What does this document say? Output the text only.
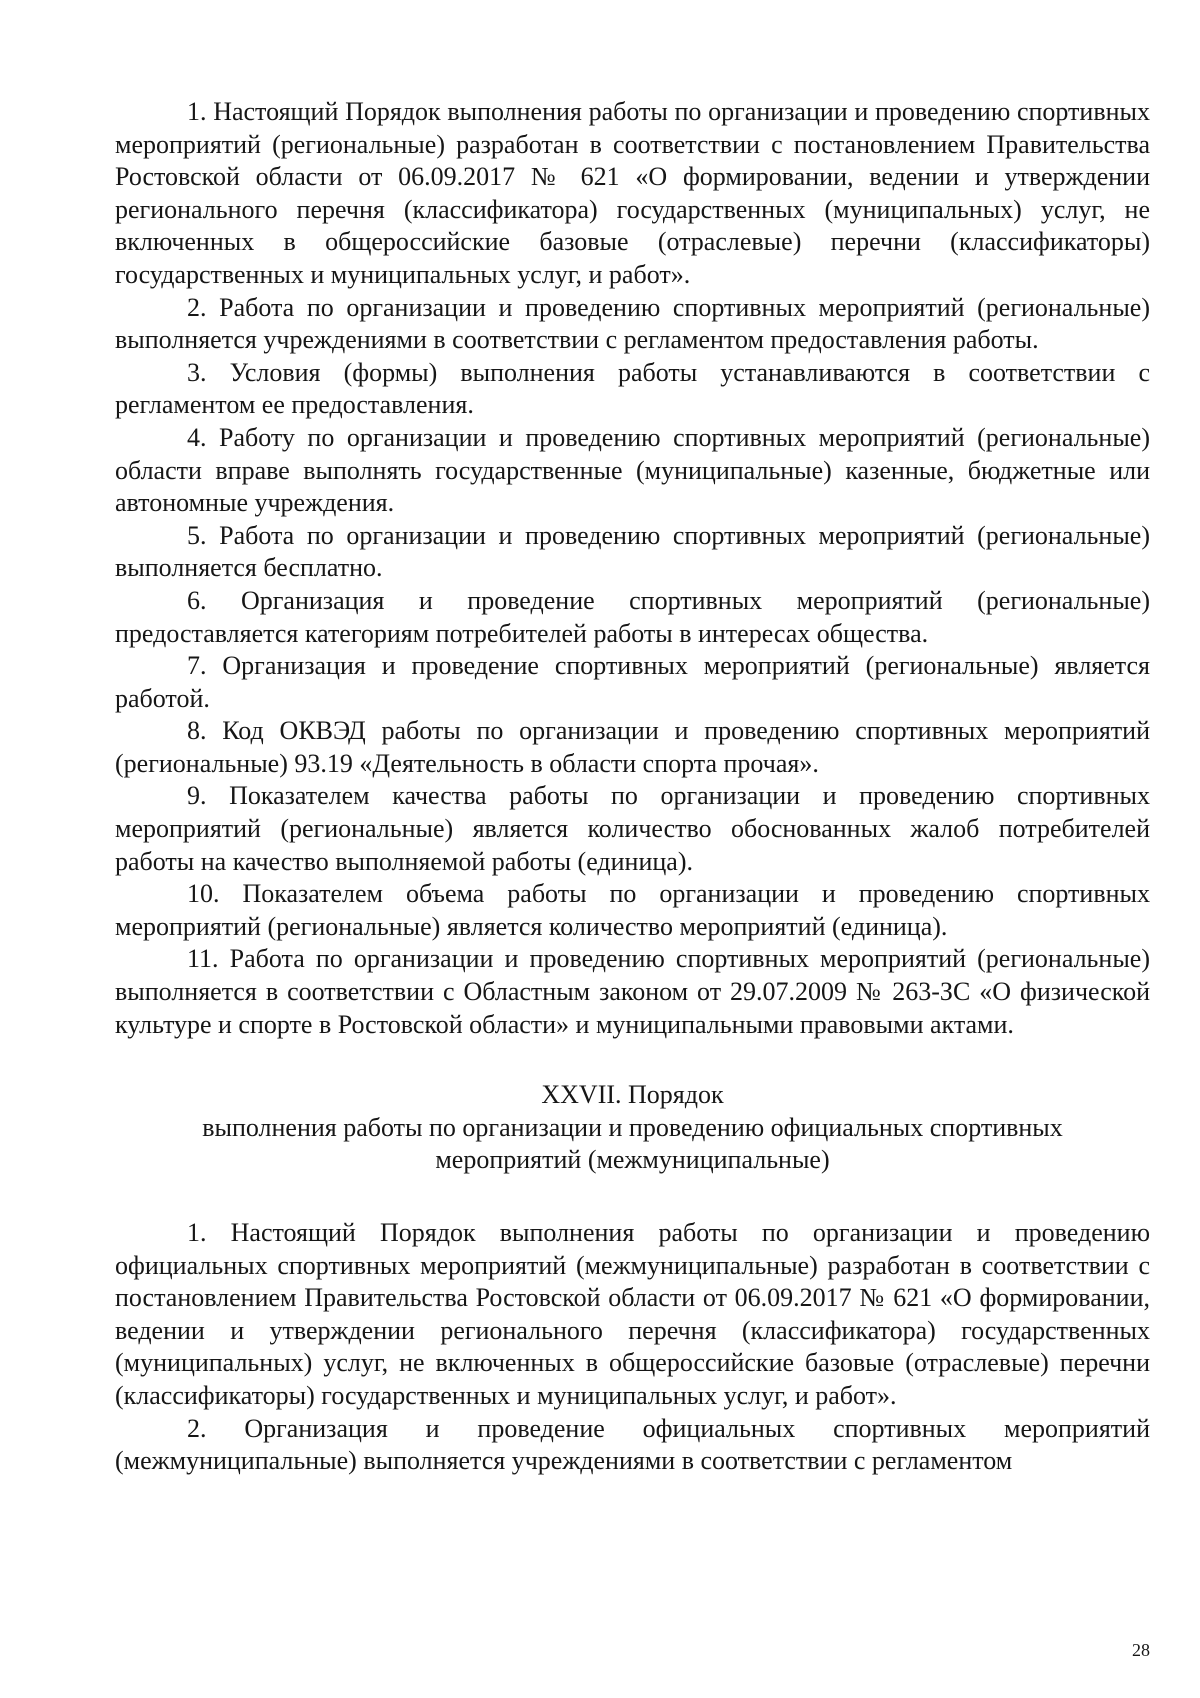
1. Настоящий Порядок выполнения работы по организации и проведению спортивных мероприятий (региональные) разработан в соответствии с постановлением Правительства Ростовской области от 06.09.2017 № 621 «О формировании, ведении и утверждении регионального перечня (классификатора) государственных (муниципальных) услуг, не включенных в общероссийские базовые (отраслевые) перечни (классификаторы) государственных и муниципальных услуг, и работ».

2. Работа по организации и проведению спортивных мероприятий (региональные) выполняется учреждениями в соответствии с регламентом предоставления работы.

3. Условия (формы) выполнения работы устанавливаются в соответствии с регламентом ее предоставления.

4. Работу по организации и проведению спортивных мероприятий (региональные) области вправе выполнять государственные (муниципальные) казенные, бюджетные или автономные учреждения.

5. Работа по организации и проведению спортивных мероприятий (региональные) выполняется бесплатно.

6. Организация и проведение спортивных мероприятий (региональные) предоставляется категориям потребителей работы в интересах общества.

7. Организация и проведение спортивных мероприятий (региональные) является работой.

8. Код ОКВЭД работы по организации и проведению спортивных мероприятий (региональные) 93.19 «Деятельность в области спорта прочая».

9. Показателем качества работы по организации и проведению спортивных мероприятий (региональные) является количество обоснованных жалоб потребителей работы на качество выполняемой работы (единица).

10. Показателем объема работы по организации и проведению спортивных мероприятий (региональные) является количество мероприятий (единица).

11. Работа по организации и проведению спортивных мероприятий (региональные) выполняется в соответствии с Областным законом от 29.07.2009 № 263-ЗС «О физической культуре и спорте в Ростовской области» и муниципальными правовыми актами.

XXVII. Порядок
выполнения работы по организации и проведению официальных спортивных
мероприятий (межмуниципальные)

1. Настоящий Порядок выполнения работы по организации и проведению официальных спортивных мероприятий (межмуниципальные) разработан в соответствии с постановлением Правительства Ростовской области от 06.09.2017 № 621 «О формировании, ведении и утверждении регионального перечня (классификатора) государственных (муниципальных) услуг, не включенных в общероссийские базовые (отраслевые) перечни (классификаторы) государственных и муниципальных услуг, и работ».

2. Организация и проведение официальных спортивных мероприятий (межмуниципальные) выполняется учреждениями в соответствии с регламентом

28
